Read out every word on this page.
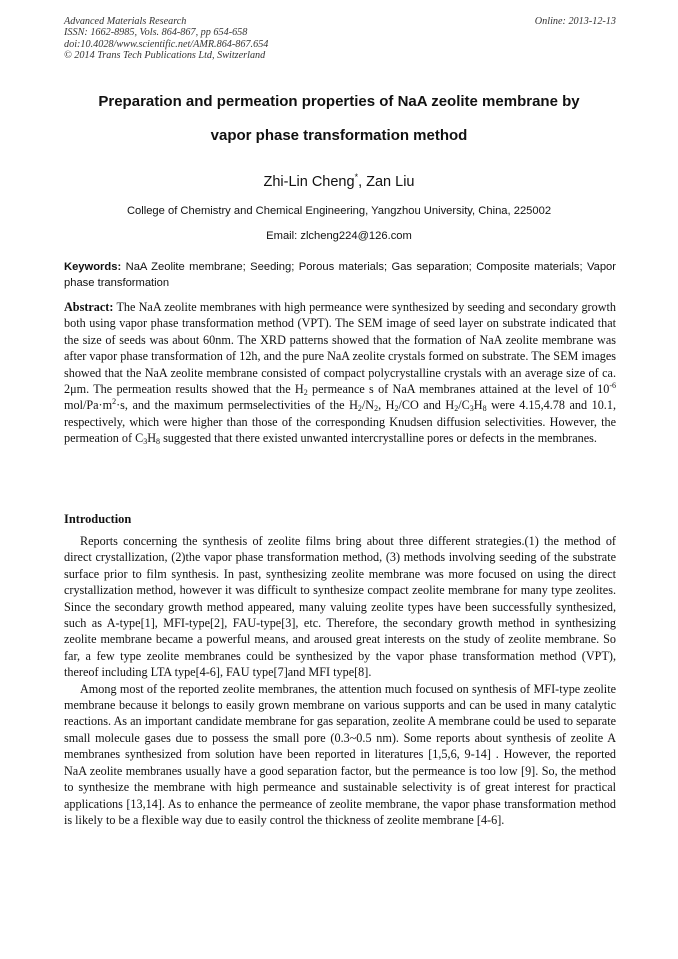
Advanced Materials Research
ISSN: 1662-8985, Vols. 864-867, pp 654-658
doi:10.4028/www.scientific.net/AMR.864-867.654
© 2014 Trans Tech Publications Ltd, Switzerland
Online: 2013-12-13
Preparation and permeation properties of NaA zeolite membrane by
vapor phase transformation method
Zhi-Lin Cheng*, Zan Liu
College of Chemistry and Chemical Engineering, Yangzhou University, China, 225002
Email: zlcheng224@126.com
Keywords: NaA Zeolite membrane; Seeding; Porous materials; Gas separation; Composite materials; Vapor phase transformation
Abstract: The NaA zeolite membranes with high permeance were synthesized by seeding and secondary growth both using vapor phase transformation method (VPT). The SEM image of seed layer on substrate indicated that the size of seeds was about 60nm. The XRD patterns showed that the formation of NaA zeolite membrane was after vapor phase transformation of 12h, and the pure NaA zeolite crystals formed on substrate. The SEM images showed that the NaA zeolite membrane consisted of compact polycrystalline crystals with an average size of ca. 2μm. The permeation results showed that the $H_2$ permeance s of NaA membranes attained at the level of $10^{-6}$ mol/$Pa\cdot m^2\cdot s$, and the maximum permselectivities of the $H_2/N_2$, $H_2/CO$ and $H_2/C_3H_8$ were 4.15,4.78 and 10.1, respectively, which were higher than those of the corresponding Knudsen diffusion selectivities. However, the permeation of $C_3H_8$ suggested that there existed unwanted intercrystalline pores or defects in the membranes.
Introduction

Reports concerning the synthesis of zeolite films bring about three different strategies.(1) the method of direct crystallization, (2)the vapor phase transformation method, (3) methods involving seeding of the substrate surface prior to film synthesis. In past, synthesizing zeolite membrane was more focused on using the direct crystallization method, however it was difficult to synthesize compact zeolite membrane for many type zeolites. Since the secondary growth method appeared, many valuing zeolite types have been successfully synthesized, such as A-type[1], MFI-type[2], FAU-type[3], etc. Therefore, the secondary growth method in synthesizing zeolite membrane became a powerful means, and aroused great interests on the study of zeolite membrane. So far, a few type zeolite membranes could be synthesized by the vapor phase transformation method (VPT), thereof including LTA type[4-6], FAU type[7]and MFI type[8].

Among most of the reported zeolite membranes, the attention much focused on synthesis of MFI-type zeolite membrane because it belongs to easily grown membrane on various supports and can be used in many catalytic reactions. As an important candidate membrane for gas separation, zeolite A membrane could be used to separate small molecule gases due to possess the small pore (0.3~0.5 nm). Some reports about synthesis of zeolite A membranes synthesized from solution have been reported in literatures [1,5,6, 9-14] . However, the reported NaA zeolite membranes usually have a good separation factor, but the permeance is too low [9]. So, the method to synthesize the membrane with high permeance and sustainable selectivity is of great interest for practical applications [13,14]. As to enhance the permeance of zeolite membrane, the vapor phase transformation method is likely to be a flexible way due to easily control the thickness of zeolite membrane [4-6].
